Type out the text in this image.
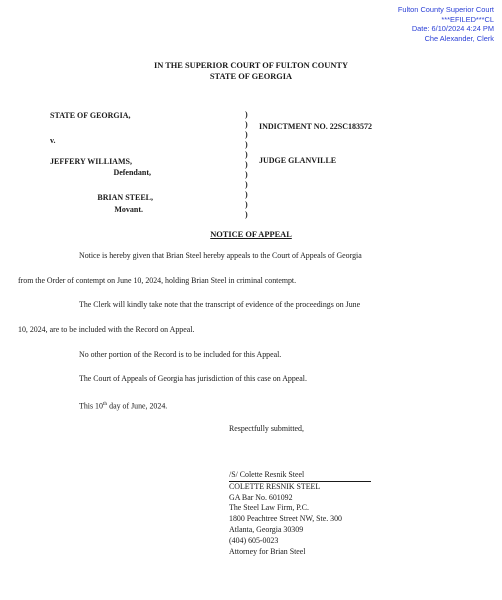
Fulton County Superior Court
***EFILED***CL
Date: 6/10/2024 4:24 PM
Che Alexander, Clerk
IN THE SUPERIOR COURT OF FULTON COUNTY
STATE OF GEORGIA
STATE OF GEORGIA,
v.
JEFFERY WILLIAMS,
Defendant,
BRIAN STEEL,
Movant.
)
)
)
)
)
)
)
)
)
)
)
INDICTMENT NO. 22SC183572
JUDGE GLANVILLE
NOTICE OF APPEAL
Notice is hereby given that Brian Steel hereby appeals to the Court of Appeals of Georgia
from the Order of contempt on June 10, 2024, holding Brian Steel in criminal contempt.
The Clerk will kindly take note that the transcript of evidence of the proceedings on June
10, 2024, are to be included with the Record on Appeal.
No other portion of the Record is to be included for this Appeal.
The Court of Appeals of Georgia has jurisdiction of this case on Appeal.
This 10th day of June, 2024.
Respectfully submitted,
/S/ Colette Resnik Steel
COLETTE RESNIK STEEL
GA Bar No. 601092
The Steel Law Firm, P.C.
1800 Peachtree Street NW, Ste. 300
Atlanta, Georgia 30309
(404) 605-0023
Attorney for Brian Steel
